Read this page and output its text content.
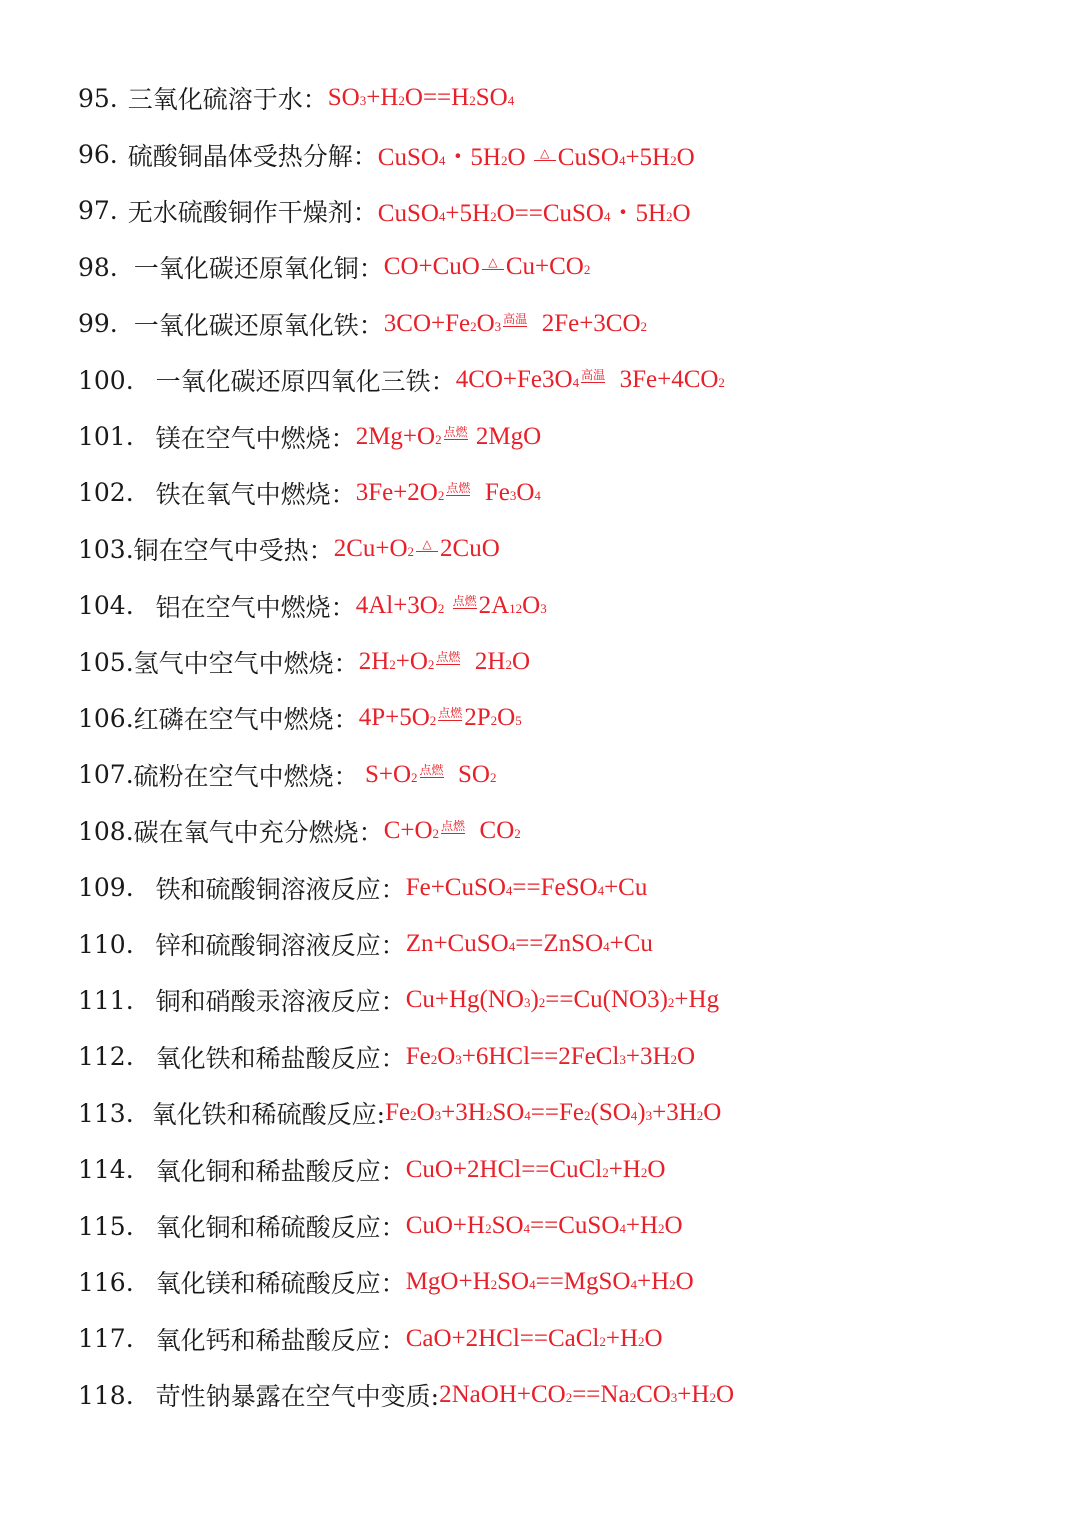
95. 三氧化硫溶于水： SO 3 +H 2 O==H 2 SO 4
96. 硫酸铜晶体受热分解： CuSO 4 ・5H 2 O △ CuSO 4 +5H 2 O
97. 无水硫酸铜作干燥剂： CuSO 4 +5H 2 O==CuSO 4 ・5H 2 O
98. 一氧化碳还原氧化铜： CO+CuO △ Cu+CO 2
99. 一氧化碳还原氧化铁： 3CO+Fe 2 O 3 高温 2Fe+3CO 2
100. 一氧化碳还原四氧化三铁： 4CO+Fe3O 4 高温 3Fe+4CO 2
101. 镁在空气中燃烧： 2Mg+O 2 点燃 2MgO
102. 铁在氧气中燃烧： 3Fe+2O 2 点燃 Fe 3 O 4
103. 铜在空气中受热： 2Cu+O 2 △ 2CuO
104. 铝在空气中燃烧： 4Al+3O 2
点燃 2A 12 O 3
105. 氢气中空气中燃烧： 2H 2 +O 2 点燃 2H 2 O
106. 红磷在空气中燃烧： 4P+5O 2 点燃 2P 2 O 5
107. 硫粉在空气中燃烧： S+O 2 点燃 SO 2
108. 碳在氧气中充分燃烧： C+O 2 点燃 CO 2
109. 铁和硫酸铜溶液反应： Fe+CuSO 4 ==FeSO 4 +Cu
110. 锌和硫酸铜溶液反应： Zn+CuSO 4 ==ZnSO 4 +Cu
111. 铜和硝酸汞溶液反应： Cu+Hg(NO 3 ) 2 ==Cu(NO3) 2 +Hg
112. 氧化铁和稀盐酸反应： Fe 2 O 3 +6HCl==2FeCl 3 +3H 2 O
113. 氧化铁和稀硫酸反应: Fe 2 O 3 +3H 2 SO 4 ==Fe 2 (SO 4 ) 3 +3H 2 O
114. 氧化铜和稀盐酸反应： CuO+2HCl==CuCl 2 +H 2 O
115. 氧化铜和稀硫酸反应： CuO+H 2 SO 4 ==CuSO 4 +H 2 O
116. 氧化镁和稀硫酸反应： MgO+H 2 SO 4 ==MgSO 4 +H 2 O
117. 氧化钙和稀盐酸反应： CaO+2HCl==CaCl 2 +H 2 O
118. 苛性钠暴露在空气中变质: 2NaOH+CO 2 ==Na 2 CO 3 +H 2 O
